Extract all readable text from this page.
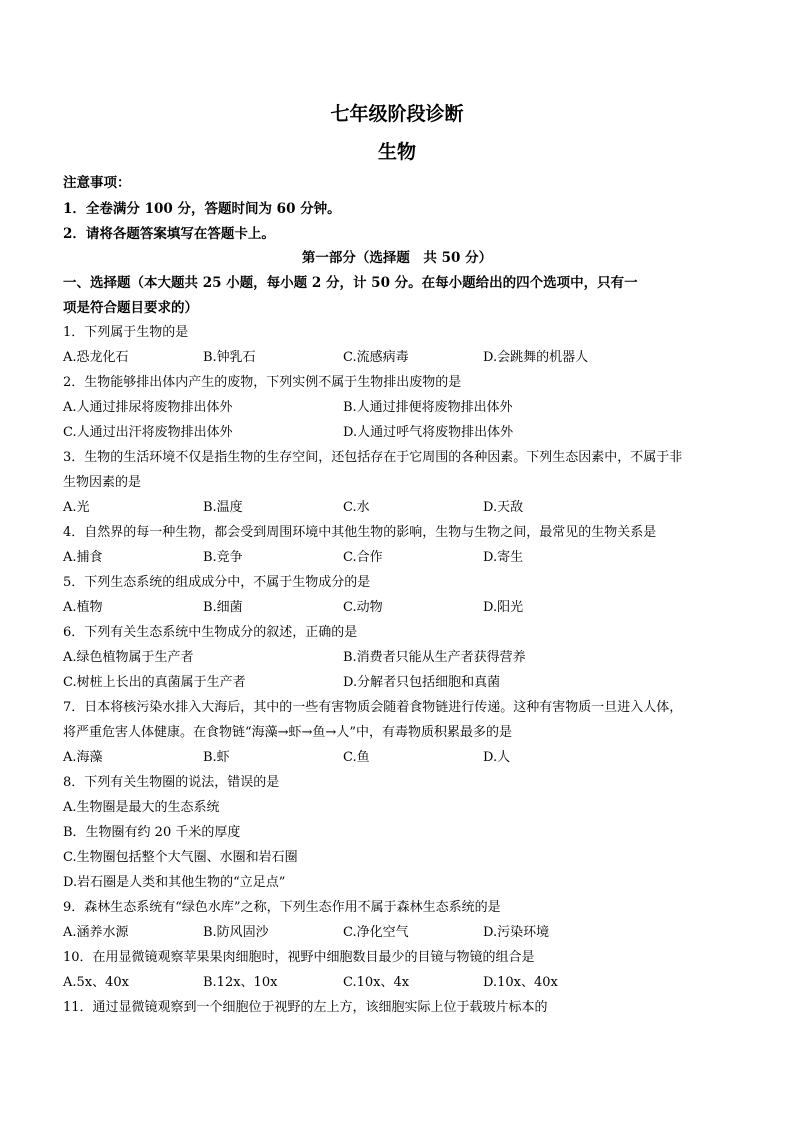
七年级阶段诊断
生物
注意事项：
1．全卷满分 100 分，答题时间为 60 分钟。
2．请将各题答案填写在答题卡上。
第一部分（选择题　共 50 分）
一、选择题（本大题共 25 小题，每小题 2 分，计 50 分。在每小题给出的四个选项中，只有一
项是符合题目要求的）
1．下列属于生物的是
A.恐龙化石	B.钟乳石	C.流感病毒	D.会跳舞的机器人
2．生物能够排出体内产生的废物，下列实例不属于生物排出废物的是
A.人通过排尿将废物排出体外	B.人通过排便将废物排出体外
C.人通过出汗将废物排出体外	D.人通过呼气将废物排出体外
3．生物的生活环境不仅是指生物的生存空间，还包括存在于它周围的各种因素。下列生态因素中，不属于非
生物因素的是
A.光	B.温度	C.水	D.天敌
4．自然界的每一种生物，都会受到周围环境中其他生物的影响，生物与生物之间，最常见的生物关系是
A.捕食	B.竞争	C.合作	D.寄生
5．下列生态系统的组成成分中，不属于生物成分的是
A.植物	B.细菌	C.动物	D.阳光
6．下列有关生态系统中生物成分的叙述，正确的是
A.绿色植物属于生产者	B.消费者只能从生产者获得营养
C.树桩上长出的真菌属于生产者	D.分解者只包括细胞和真菌
7．日本将核污染水排入大海后，其中的一些有害物质会随着食物链进行传递。这种有害物质一旦进入人体，
将严重危害人体健康。在食物链“海藻→虾→鱼→人”中，有毒物质积累最多的是
A.海藻	B.虾	C.鱼	D.人
8．下列有关生物圈的说法，错误的是
A.生物圈是最大的生态系统
B．生物圈有约 20 千米的厚度
C.生物圈包括整个大气圈、水圈和岩石圈
D.岩石圈是人类和其他生物的“立足点”
9．森林生态系统有“绿色水库”之称，下列生态作用不属于森林生态系统的是
A.涵养水源	B.防风固沙	C.净化空气	D.污染环境
10．在用显微镜观察苹果果肉细胞时，视野中细胞数目最少的目镜与物镜的组合是
A.5x、40x	B.12x、10x	C.10x、4x	D.10x、40x
11．通过显微镜观察到一个细胞位于视野的左上方，该细胞实际上位于载玻片标本的
